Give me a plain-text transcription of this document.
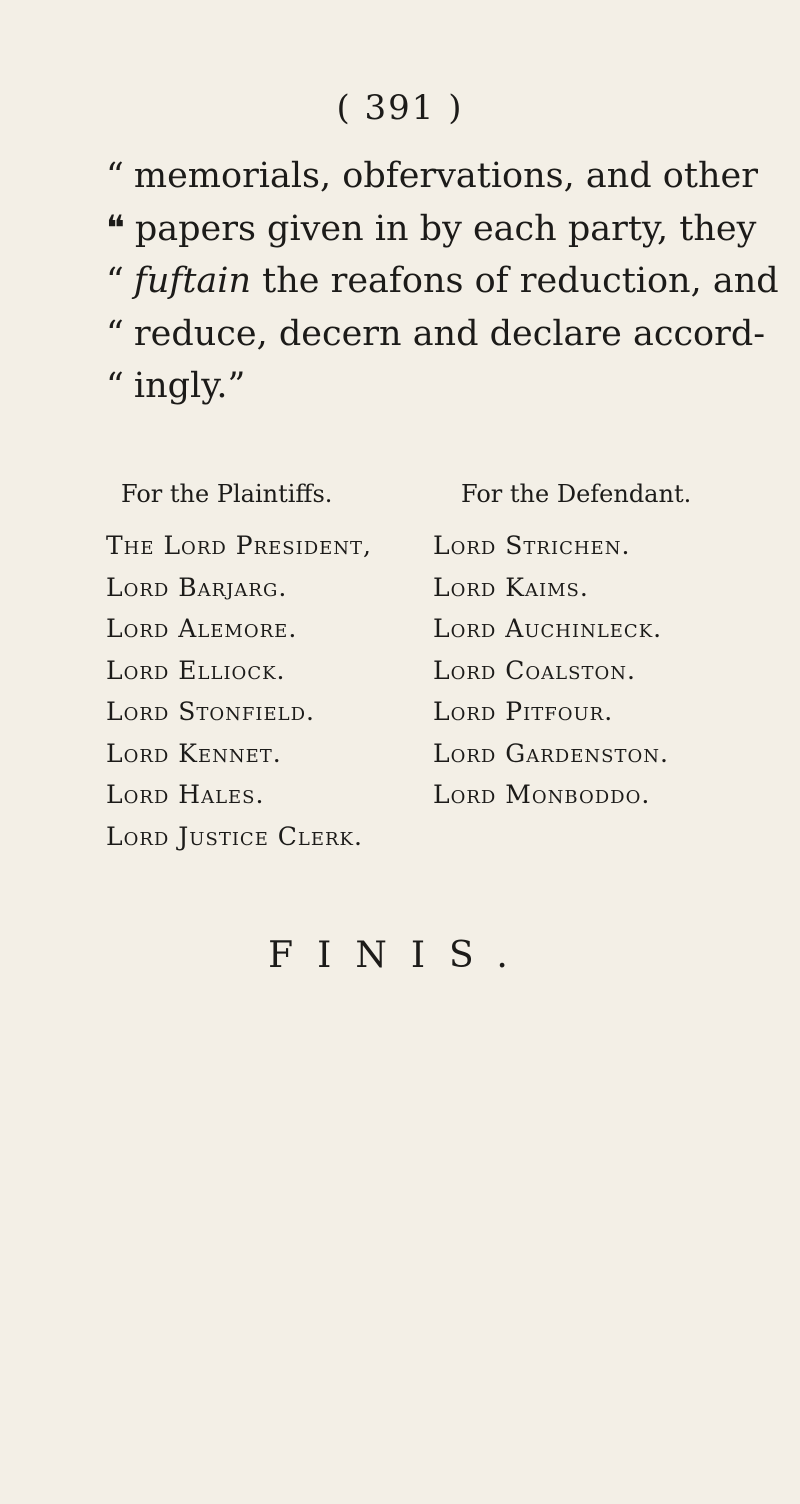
( 391 )

“ memorials, obfervations, and other
❝ papers given in by each party, they
“ fuftain the reafons of reduction, and
“ reduce, decern and declare accord-
“ ingly.”

For the Plaintiffs.	For the Defendant.
The Lord President,
Lord Barjarg.
Lord Alemore.
Lord Elliock.
Lord Stonfield.
Lord Kennet.
Lord Hales.
Lord Justice Clerk.
Lord Strichen.
Lord Kaims.
Lord Auchinleck.
Lord Coalston.
Lord Pitfour.
Lord Gardenston.
Lord Monboddo.
FINIS.
